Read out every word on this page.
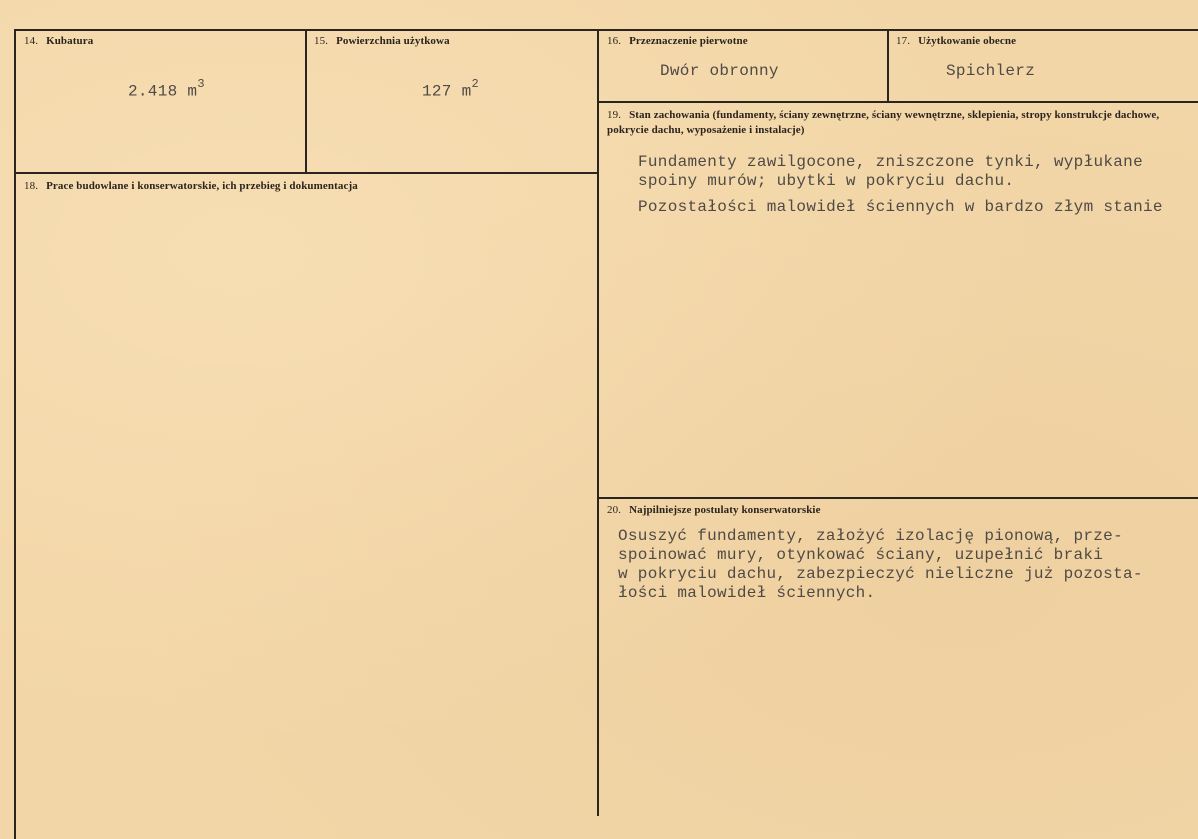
14. Kubatura
2.418 $m^3$
15. Powierzchnia użytkowa
127 $m^2$
16. Przeznaczenie pierwotne
Dwór obronny
17. Użytkowanie obecne
Spichlerz
18. Prace budowlane i konserwatorskie, ich przebieg i dokumentacja
19. Stan zachowania (fundamenty, ściany zewnętrzne, ściany wewnętrzne, sklepienia, stropy konstrukcje dachowe, pokrycie dachu, wyposażenie i instalacje)
Fundamenty zawilgocone, zniszczone tynki, wypłukane
spoiny murów; ubytki w pokryciu dachu.
Pozostałości malowideł ściennych w bardzo złym stanie
20. Najpilniejsze postulaty konserwatorskie
Osuszyć fundamenty, założyć izolację pionową, prze-
spoinować mury, otynkować ściany, uzupełnić braki
w pokryciu dachu, zabezpieczyć nieliczne już pozosta-
łości malowideł ściennych.
